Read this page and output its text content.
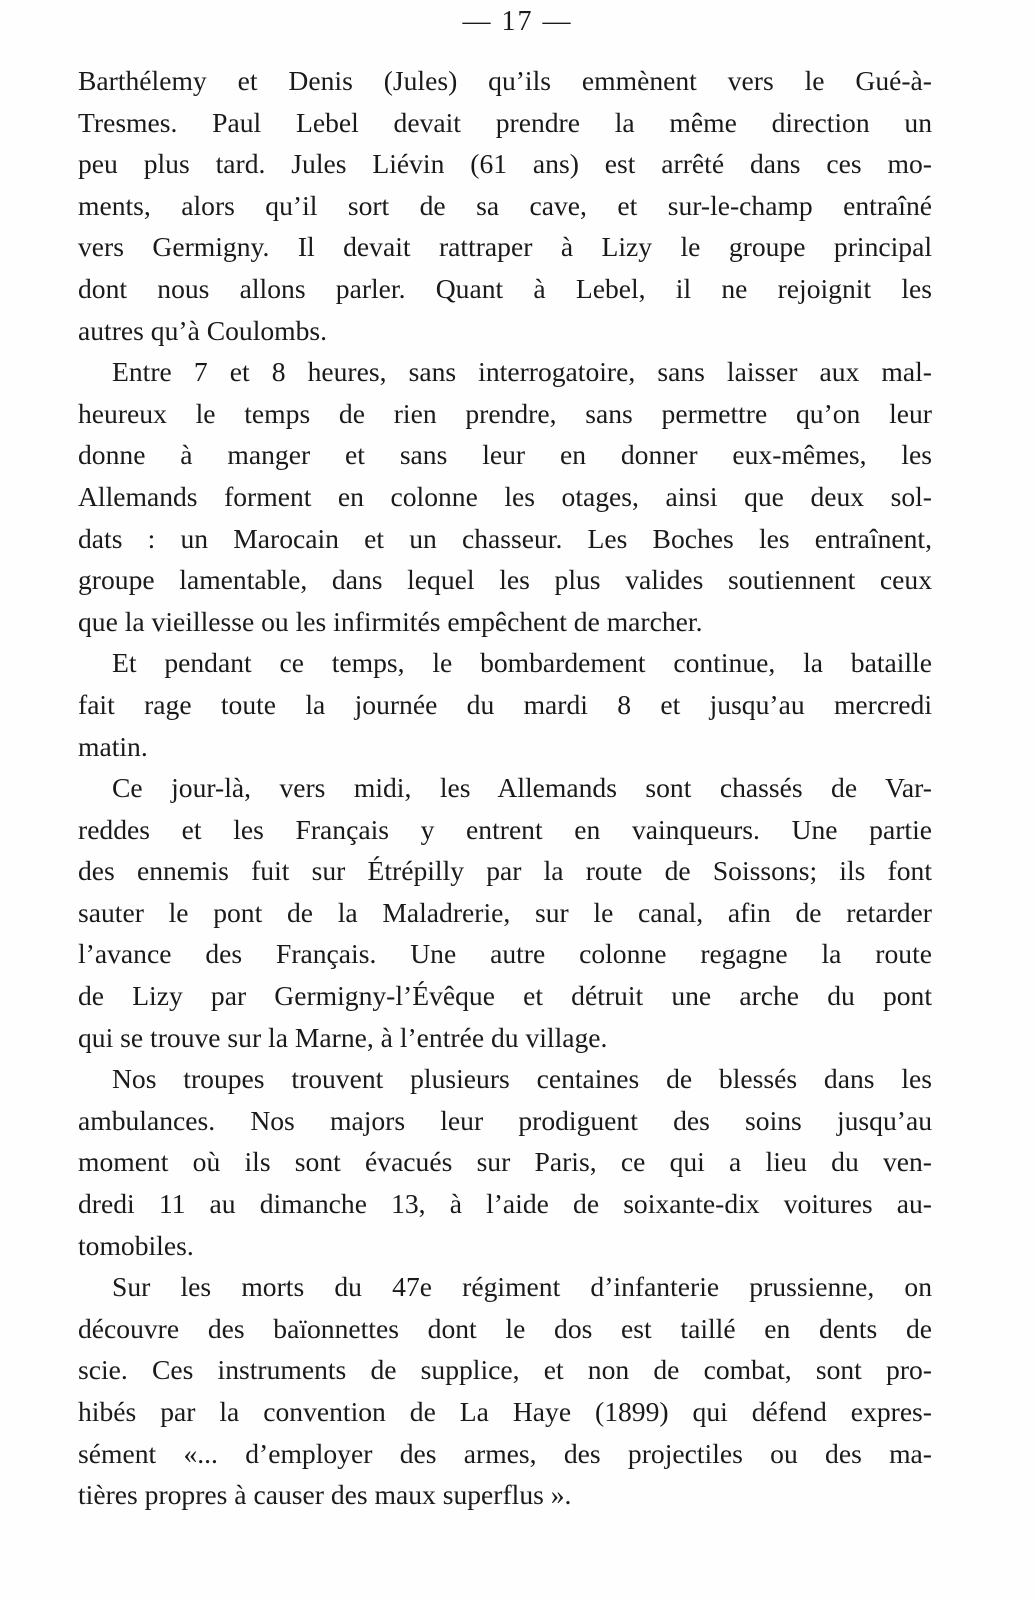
— 17 —
Barthélemy et Denis (Jules) qu’ils emmènent vers le Gué-à-
Tresmes. Paul Lebel devait prendre la même direction un
peu plus tard. Jules Liévin (61 ans) est arrêté dans ces mo-
ments, alors qu’il sort de sa cave, et sur-le-champ entraîné
vers Germigny. Il devait rattraper à Lizy le groupe principal
dont nous allons parler. Quant à Lebel, il ne rejoignit les
autres qu’à Coulombs.
Entre 7 et 8 heures, sans interrogatoire, sans laisser aux mal-
heureux le temps de rien prendre, sans permettre qu’on leur
donne à manger et sans leur en donner eux-mêmes, les
Allemands forment en colonne les otages, ainsi que deux sol-
dats : un Marocain et un chasseur. Les Boches les entraînent,
groupe lamentable, dans lequel les plus valides soutiennent ceux
que la vieillesse ou les infirmités empêchent de marcher.
Et pendant ce temps, le bombardement continue, la bataille
fait rage toute la journée du mardi 8 et jusqu’au mercredi
matin.
Ce jour-là, vers midi, les Allemands sont chassés de Var-
reddes et les Français y entrent en vainqueurs. Une partie
des ennemis fuit sur Étrépilly par la route de Soissons; ils font
sauter le pont de la Maladrerie, sur le canal, afin de retarder
l’avance des Français. Une autre colonne regagne la route
de Lizy par Germigny-l’Évêque et détruit une arche du pont
qui se trouve sur la Marne, à l’entrée du village.
Nos troupes trouvent plusieurs centaines de blessés dans les
ambulances. Nos majors leur prodiguent des soins jusqu’au
moment où ils sont évacués sur Paris, ce qui a lieu du ven-
dredi 11 au dimanche 13, à l’aide de soixante-dix voitures au-
tomobiles.
Sur les morts du 47e régiment d’infanterie prussienne, on
découvre des baïonnettes dont le dos est taillé en dents de
scie. Ces instruments de supplice, et non de combat, sont pro-
hibés par la convention de La Haye (1899) qui défend expres-
sément «... d’employer des armes, des projectiles ou des ma-
tières propres à causer des maux superflus ».
